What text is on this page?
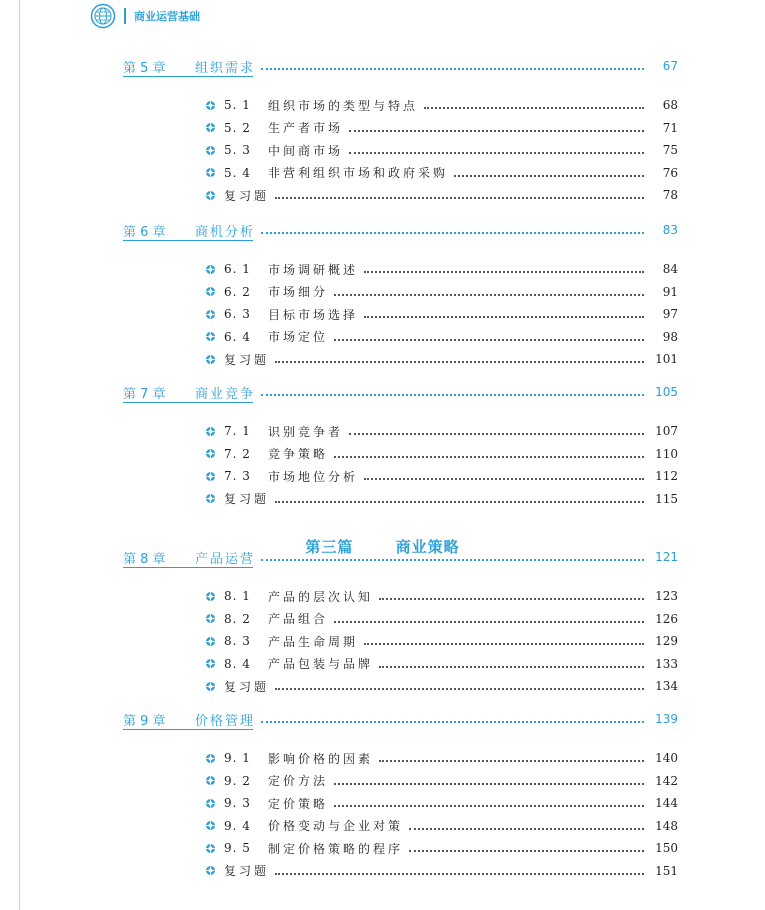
商业运营基础
第三篇	商业策略
第 5 章	组织需求	67
5. 1	组织市场的类型与特点	68
5. 2	生产者市场	71
5. 3	中间商市场	75
5. 4	非营利组织市场和政府采购	76
复习题	78
第 6 章	商机分析	83
6. 1	市场调研概述	84
6. 2	市场细分	91
6. 3	目标市场选择	97
6. 4	市场定位	98
复习题	101
第 7 章	商业竞争	105
7. 1	识别竞争者	107
7. 2	竞争策略	110
7. 3	市场地位分析	112
复习题	115
第 8 章	产品运营	121
8. 1	产品的层次认知	123
8. 2	产品组合	126
8. 3	产品生命周期	129
8. 4	产品包装与品牌	133
复习题	134
第 9 章	价格管理	139
9. 1	影响价格的因素	140
9. 2	定价方法	142
9. 3	定价策略	144
9. 4	价格变动与企业对策	148
9. 5	制定价格策略的程序	150
复习题	151
